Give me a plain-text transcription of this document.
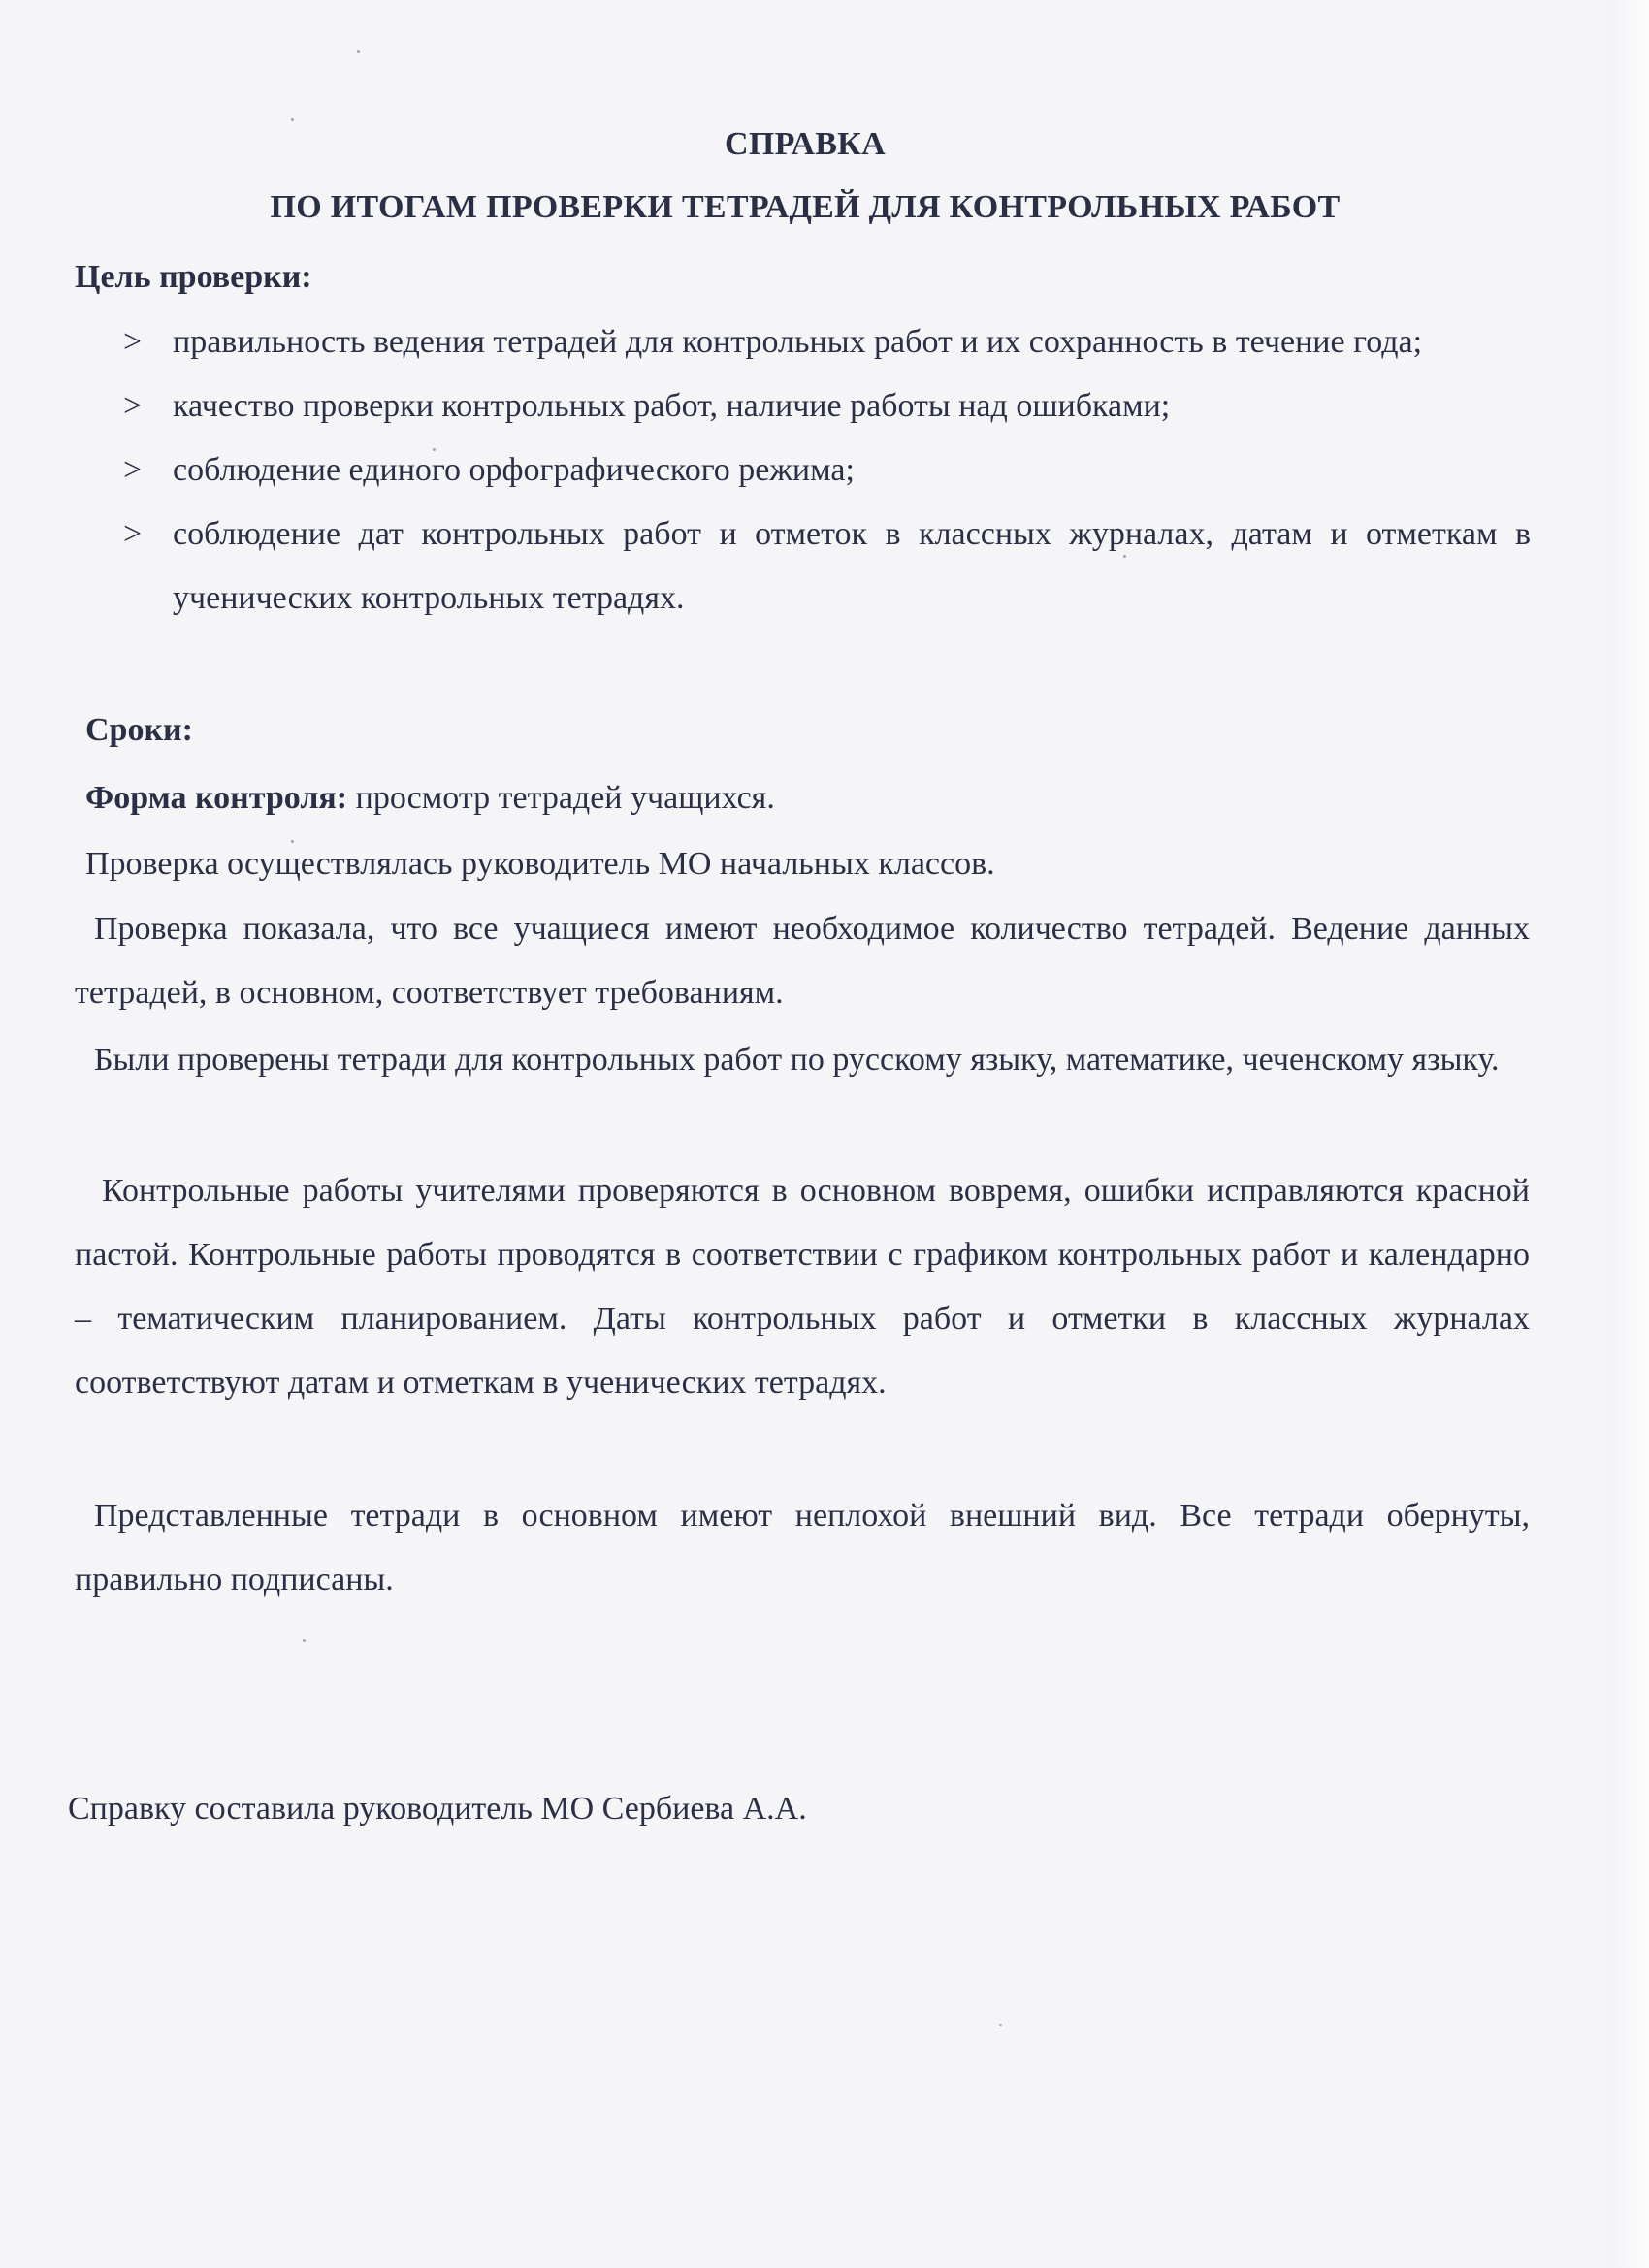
СПРАВКА
ПО ИТОГАМ ПРОВЕРКИ ТЕТРАДЕЙ ДЛЯ КОНТРОЛЬНЫХ РАБОТ
Цель проверки:
> правильность ведения тетрадей для контрольных работ и их сохранность в течение года;
> качество проверки контрольных работ, наличие работы над ошибками;
> соблюдение единого орфографического режима;
> соблюдение дат контрольных работ и отметок в классных журналах, датам и отметкам в ученических контрольных тетрадях.
Сроки:
Форма контроля: просмотр тетрадей учащихся.
Проверка осуществлялась руководитель МО начальных классов.
Проверка показала, что все учащиеся имеют необходимое количество тетрадей. Ведение данных тетрадей, в основном, соответствует требованиям.
Были проверены тетради для контрольных работ по русскому языку, математике, чеченскому языку.
Контрольные работы учителями проверяются в основном вовремя, ошибки исправляются красной пастой. Контрольные работы проводятся в соответствии с графиком контрольных работ и календарно – тематическим планированием. Даты контрольных работ и отметки в классных журналах соответствуют датам и отметкам в ученических тетрадях.
Представленные тетради в основном имеют неплохой внешний вид. Все тетради обернуты, правильно подписаны.
Справку составила руководитель МО Сербиева А.А.
